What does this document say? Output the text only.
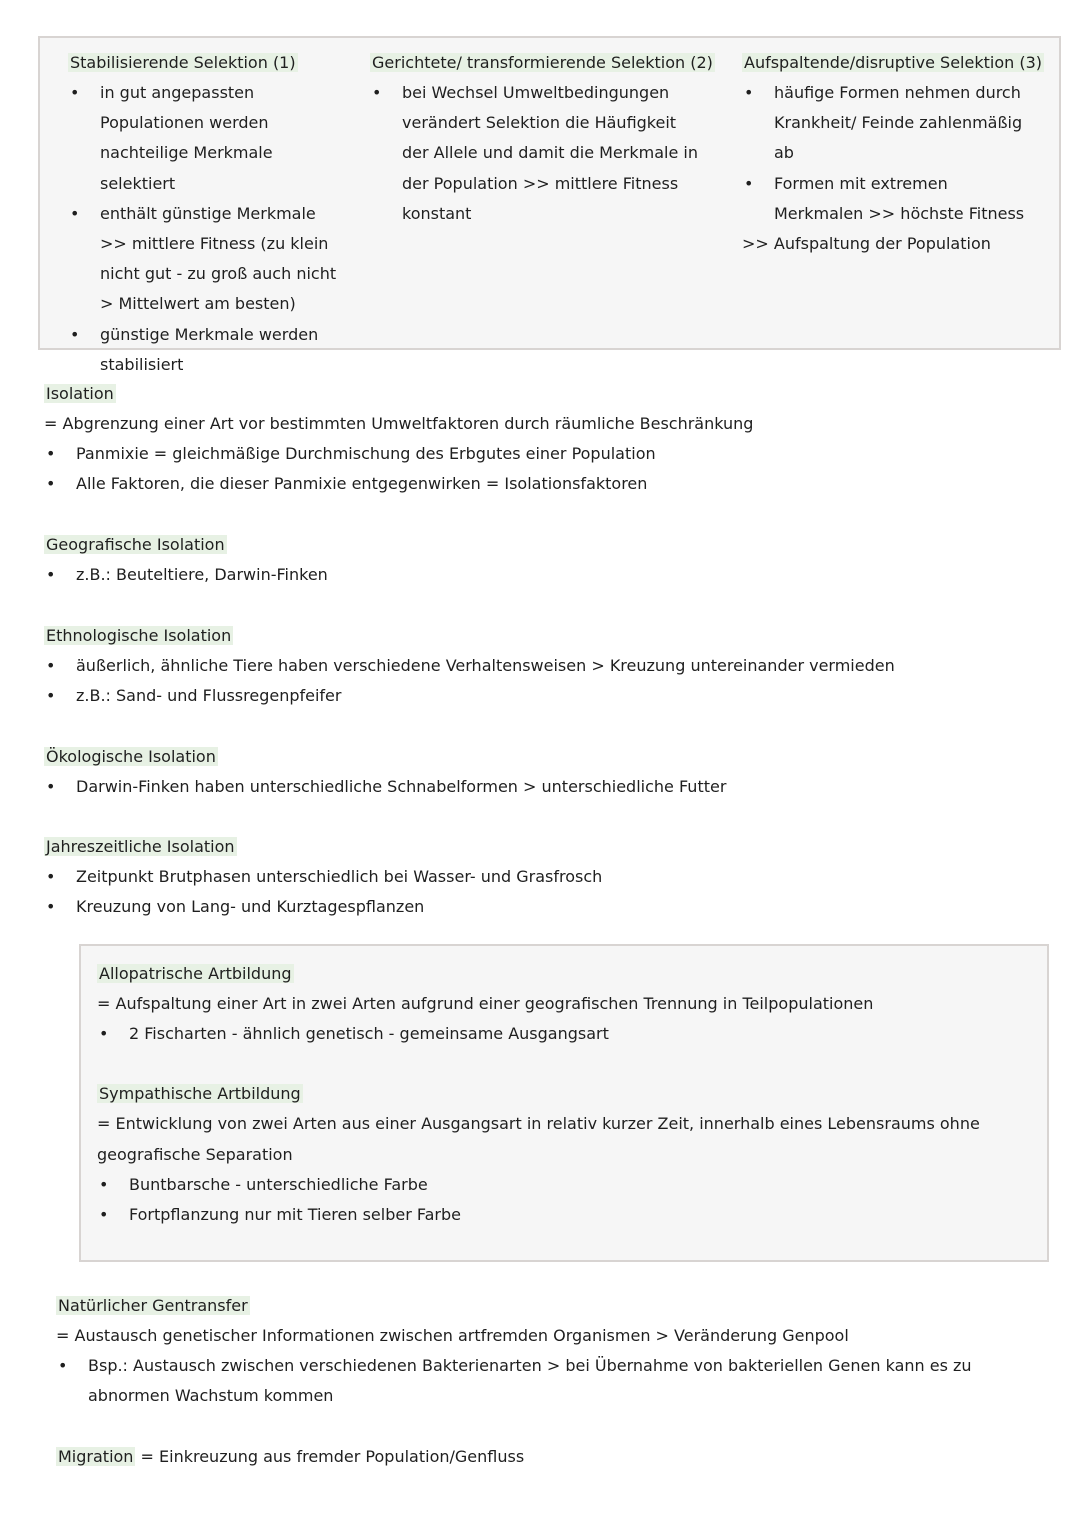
Stabilisierende Selektion (1)
• in gut angepassten Populationen werden nachteilige Merkmale selektiert
• enthält günstige Merkmale >> mittlere Fitness (zu klein nicht gut - zu groß auch nicht > Mittelwert am besten)
• günstige Merkmale werden stabilisiert
Gerichtete/ transformierende Selektion (2)
• bei Wechsel Umweltbedingungen verändert Selektion die Häufigkeit der Allele und damit die Merkmale in der Population >> mittlere Fitness konstant
Aufspaltende/disruptive Selektion (3)
• häufige Formen nehmen durch Krankheit/ Feinde zahlenmäßig ab
• Formen mit extremen Merkmalen >> höchste Fitness
>> Aufspaltung der Population
Isolation
= Abgrenzung einer Art vor bestimmten Umweltfaktoren durch räumliche Beschränkung
• Panmixie = gleichmäßige Durchmischung des Erbgutes einer Population
• Alle Faktoren, die dieser Panmixie entgegenwirken = Isolationsfaktoren
Geografische Isolation
• z.B.: Beuteltiere, Darwin-Finken
Ethnologische Isolation
• äußerlich, ähnliche Tiere haben verschiedene Verhaltensweisen > Kreuzung untereinander vermieden
• z.B.: Sand- und Flussregenpfeifer
Ökologische Isolation
• Darwin-Finken haben unterschiedliche Schnabelformen > unterschiedliche Futter
Jahreszeitliche Isolation
• Zeitpunkt Brutphasen unterschiedlich bei Wasser- und Grasfrosch
• Kreuzung von Lang- und Kurztagespflanzen
Allopatrische Artbildung
= Aufspaltung einer Art in zwei Arten aufgrund einer geografischen Trennung in Teilpopulationen
• 2 Fischarten - ähnlich genetisch - gemeinsame Ausgangsart
Sympathische Artbildung
= Entwicklung von zwei Arten aus einer Ausgangsart in relativ kurzer Zeit, innerhalb eines Lebensraums ohne geografische Separation
• Buntbarsche - unterschiedliche Farbe
• Fortpflanzung nur mit Tieren selber Farbe
Natürlicher Gentransfer
= Austausch genetischer Informationen zwischen artfremden Organismen > Veränderung Genpool
• Bsp.: Austausch zwischen verschiedenen Bakterienarten > bei Übernahme von bakteriellen Genen kann es zu abnormen Wachstum kommen
Migration = Einkreuzung aus fremder Population/Genfluss
